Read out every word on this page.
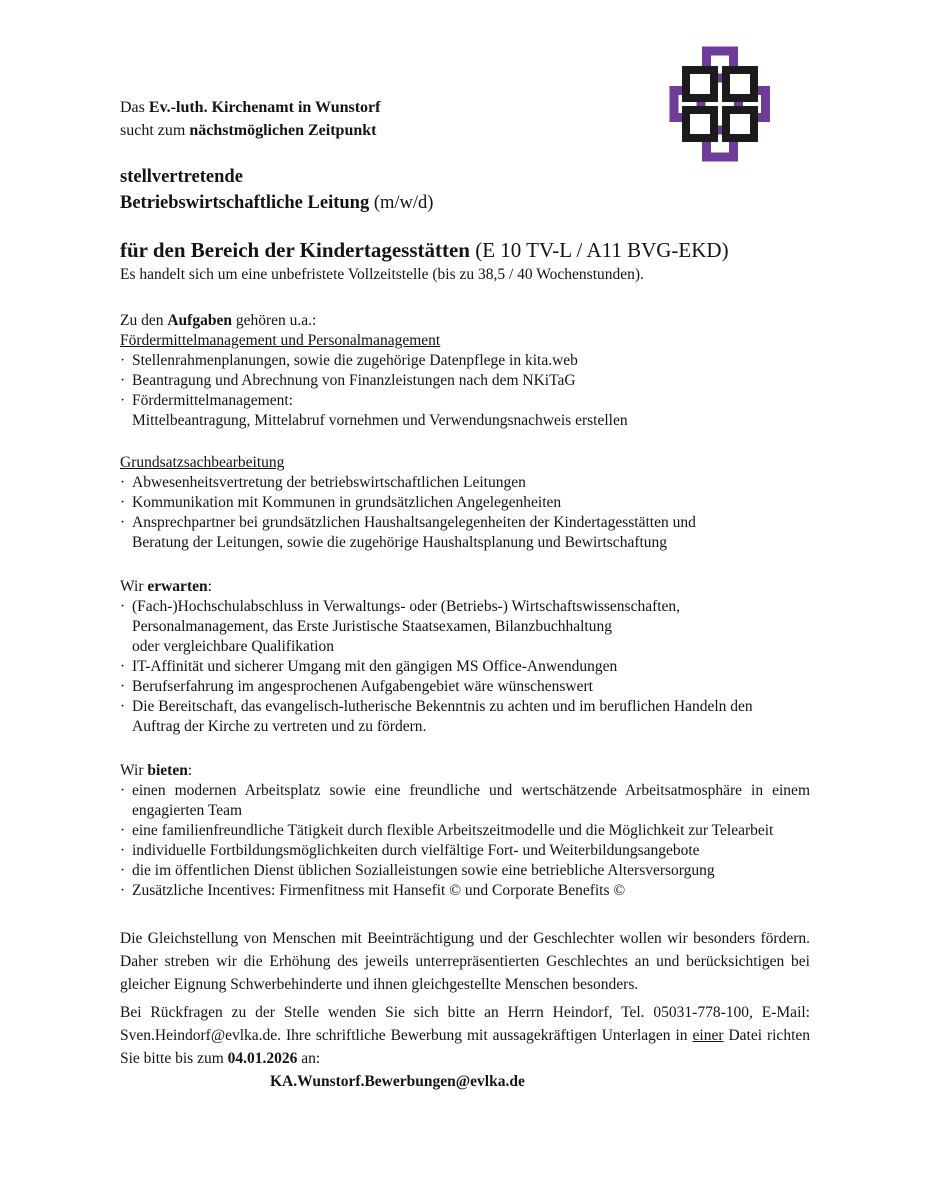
Das Ev.-luth. Kirchenamt in Wunstorf
sucht zum nächstmöglichen Zeitpunkt
stellvertretende
Betriebswirtschaftliche Leitung (m/w/d)
für den Bereich der Kindertagesstätten (E 10 TV-L / A11 BVG-EKD)
Es handelt sich um eine unbefristete Vollzeitstelle (bis zu 38,5 / 40 Wochenstunden).
Zu den Aufgaben gehören u.a.:
Fördermittelmanagement und Personalmanagement
· Stellenrahmenplanungen, sowie die zugehörige Datenpflege in kita.web
· Beantragung und Abrechnung von Finanzleistungen nach dem NKiTaG
· Fördermittelmanagement:
Mittelbeantragung, Mittelabruf vornehmen und Verwendungsnachweis erstellen
Grundsatzsachbearbeitung
· Abwesenheitsvertretung der betriebswirtschaftlichen Leitungen
· Kommunikation mit Kommunen in grundsätzlichen Angelegenheiten
· Ansprechpartner bei grundsätzlichen Haushaltsangelegenheiten der Kindertagesstätten und
Beratung der Leitungen, sowie die zugehörige Haushaltsplanung und Bewirtschaftung
Wir erwarten:
· (Fach-)Hochschulabschluss in Verwaltungs- oder (Betriebs-) Wirtschaftswissenschaften,
Personalmanagement, das Erste Juristische Staatsexamen, Bilanzbuchhaltung
oder vergleichbare Qualifikation
· IT-Affinität und sicherer Umgang mit den gängigen MS Office-Anwendungen
· Berufserfahrung im angesprochenen Aufgabengebiet wäre wünschenswert
· Die Bereitschaft, das evangelisch-lutherische Bekenntnis zu achten und im beruflichen Handeln den
Auftrag der Kirche zu vertreten und zu fördern.
Wir bieten:
· einen modernen Arbeitsplatz sowie eine freundliche und wertschätzende Arbeitsatmosphäre in einem engagierten Team
· eine familienfreundliche Tätigkeit durch flexible Arbeitszeitmodelle und die Möglichkeit zur Telearbeit
· individuelle Fortbildungsmöglichkeiten durch vielfältige Fort- und Weiterbildungsangebote
· die im öffentlichen Dienst üblichen Sozialleistungen sowie eine betriebliche Altersversorgung
· Zusätzliche Incentives: Firmenfitness mit Hansefit © und Corporate Benefits ©
Die Gleichstellung von Menschen mit Beeinträchtigung und der Geschlechter wollen wir besonders fördern. Daher streben wir die Erhöhung des jeweils unterrepräsentierten Geschlechtes an und berücksichtigen bei gleicher Eignung Schwerbehinderte und ihnen gleichgestellte Menschen besonders.
Bei Rückfragen zu der Stelle wenden Sie sich bitte an Herrn Heindorf, Tel. 05031-778-100, E-Mail: Sven.Heindorf@evlka.de. Ihre schriftliche Bewerbung mit aussagekräftigen Unterlagen in einer Datei richten Sie bitte bis zum 04.01.2026 an:
KA.Wunstorf.Bewerbungen@evlka.de
